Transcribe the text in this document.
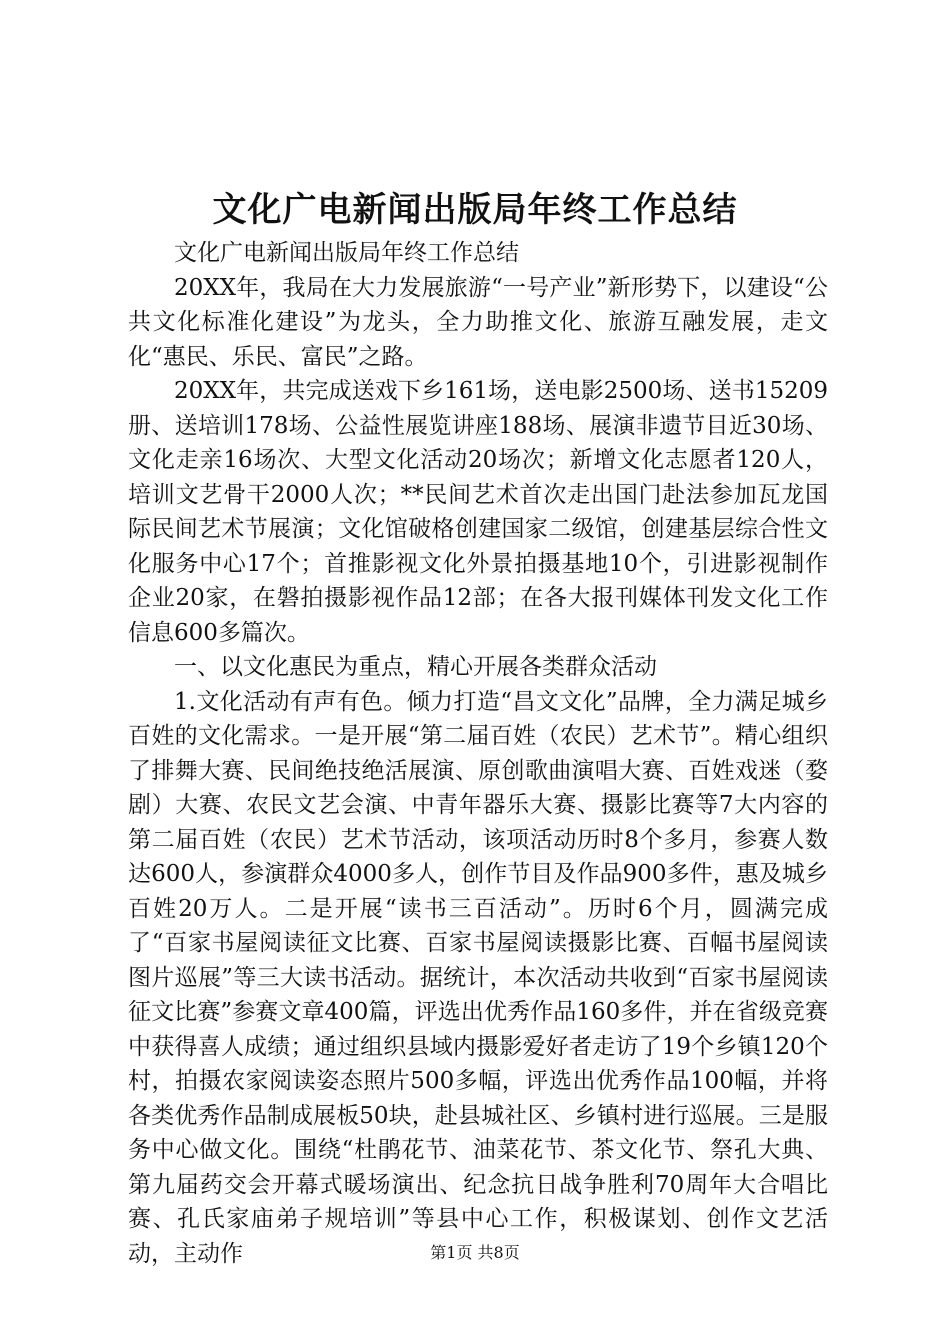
文化广电新闻出版局年终工作总结

文化广电新闻出版局年终工作总结

20XX年，我局在大力发展旅游“一号产业”新形势下，以建设“公共文化标准化建设”为龙头，全力助推文化、旅游互融发展，走文化“惠民、乐民、富民”之路。

20XX年，共完成送戏下乡161场，送电影2500场、送书15209册、送培训178场、公益性展览讲座188场、展演非遗节目近30场、文化走亲16场次、大型文化活动20场次；新增文化志愿者120人，培训文艺骨干2000人次；**民间艺术首次走出国门赴法参加瓦龙国际民间艺术节展演；文化馆破格创建国家二级馆，创建基层综合性文化服务中心17个；首推影视文化外景拍摄基地10个，引进影视制作企业20家，在磐拍摄影视作品12部；在各大报刊媒体刊发文化工作信息600多篇次。

一、以文化惠民为重点，精心开展各类群众活动

1.文化活动有声有色。倾力打造“昌文文化”品牌，全力满足城乡百姓的文化需求。一是开展“第二届百姓（农民）艺术节”。精心组织了排舞大赛、民间绝技绝活展演、原创歌曲演唱大赛、百姓戏迷（婺剧）大赛、农民文艺会演、中青年器乐大赛、摄影比赛等7大内容的第二届百姓（农民）艺术节活动，该项活动历时8个多月，参赛人数达600人，参演群众4000多人，创作节目及作品900多件，惠及城乡百姓20万人。二是开展“读书三百活动”。历时6个月，圆满完成了“百家书屋阅读征文比赛、百家书屋阅读摄影比赛、百幅书屋阅读图片巡展”等三大读书活动。据统计，本次活动共收到“百家书屋阅读征文比赛”参赛文章400篇，评选出优秀作品160多件，并在省级竞赛中获得喜人成绩；通过组织县域内摄影爱好者走访了19个乡镇120个村，拍摄农家阅读姿态照片500多幅，评选出优秀作品100幅，并将各类优秀作品制成展板50块，赴县城社区、乡镇村进行巡展。三是服务中心做文化。围绕“杜鹃花节、油菜花节、茶文化节、祭孔大典、第九届药交会开幕式暖场演出、纪念抗日战争胜利70周年大合唱比赛、孔氏家庙弟子规培训”等县中心工作，积极谋划、创作文艺活动，主动作	第1页 共8页
